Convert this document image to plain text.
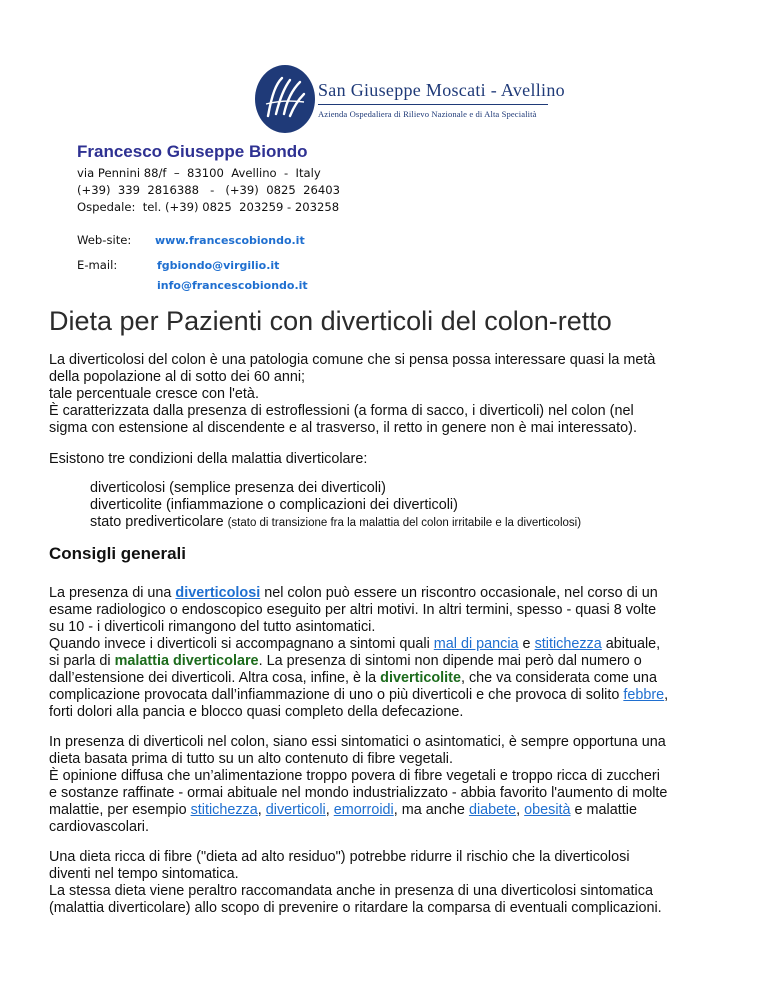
San Giuseppe Moscati - Avellino
Azienda Ospedaliera di Rilievo Nazionale e di Alta Specialità
Francesco Giuseppe Biondo
via Pennini 88/f  –  83100  Avellino  -  Italy
(+39)  339  2816388   -   (+39)  0825  26403
Ospedale:  tel. (+39) 0825  203259 - 203258
Web-site: www.francescobiondo.it
E-mail:	fgbiondo@virgilio.it
info@francescobiondo.it
Dieta per Pazienti con diverticoli del colon-retto
La diverticolosi del colon è una patologia comune che si pensa possa interessare quasi la metà
della popolazione al di sotto dei 60 anni;
tale percentuale cresce con l'età.
È caratterizzata dalla presenza di estroflessioni (a forma di sacco, i diverticoli) nel colon (nel
sigma con estensione al discendente e al trasverso, il retto in genere non è mai interessato).
Esistono tre condizioni della malattia diverticolare:
diverticolosi (semplice presenza dei diverticoli)
diverticolite (infiammazione o complicazioni dei diverticoli)
stato prediverticolare (stato di transizione fra la malattia del colon irritabile e la diverticolosi)
Consigli generali
La presenza di una diverticolosi nel colon può essere un riscontro occasionale, nel corso di un
esame radiologico o endoscopico eseguito per altri motivi. In altri termini, spesso - quasi 8 volte
su 10 - i diverticoli rimangono del tutto asintomatici.
Quando invece i diverticoli si accompagnano a sintomi quali mal di pancia e stitichezza abituale,
si parla di malattia diverticolare. La presenza di sintomi non dipende mai però dal numero o
dall’estensione dei diverticoli. Altra cosa, infine, è la diverticolite, che va considerata come una
complicazione provocata dall’infiammazione di uno o più diverticoli e che provoca di solito febbre,
forti dolori alla pancia e blocco quasi completo della defecazione.
In presenza di diverticoli nel colon, siano essi sintomatici o asintomatici, è sempre opportuna una
dieta basata prima di tutto su un alto contenuto di fibre vegetali.
È opinione diffusa che un’alimentazione troppo povera di fibre vegetali e troppo ricca di zuccheri
e sostanze raffinate - ormai abituale nel mondo industrializzato - abbia favorito l'aumento di molte
malattie, per esempio stitichezza, diverticoli, emorroidi, ma anche diabete, obesità e malattie
cardiovascolari.
Una dieta ricca di fibre ("dieta ad alto residuo") potrebbe ridurre il rischio che la diverticolosi
diventi nel tempo sintomatica.
La stessa dieta viene peraltro raccomandata anche in presenza di una diverticolosi sintomatica
(malattia diverticolare) allo scopo di prevenire o ritardare la comparsa di eventuali complicazioni.
